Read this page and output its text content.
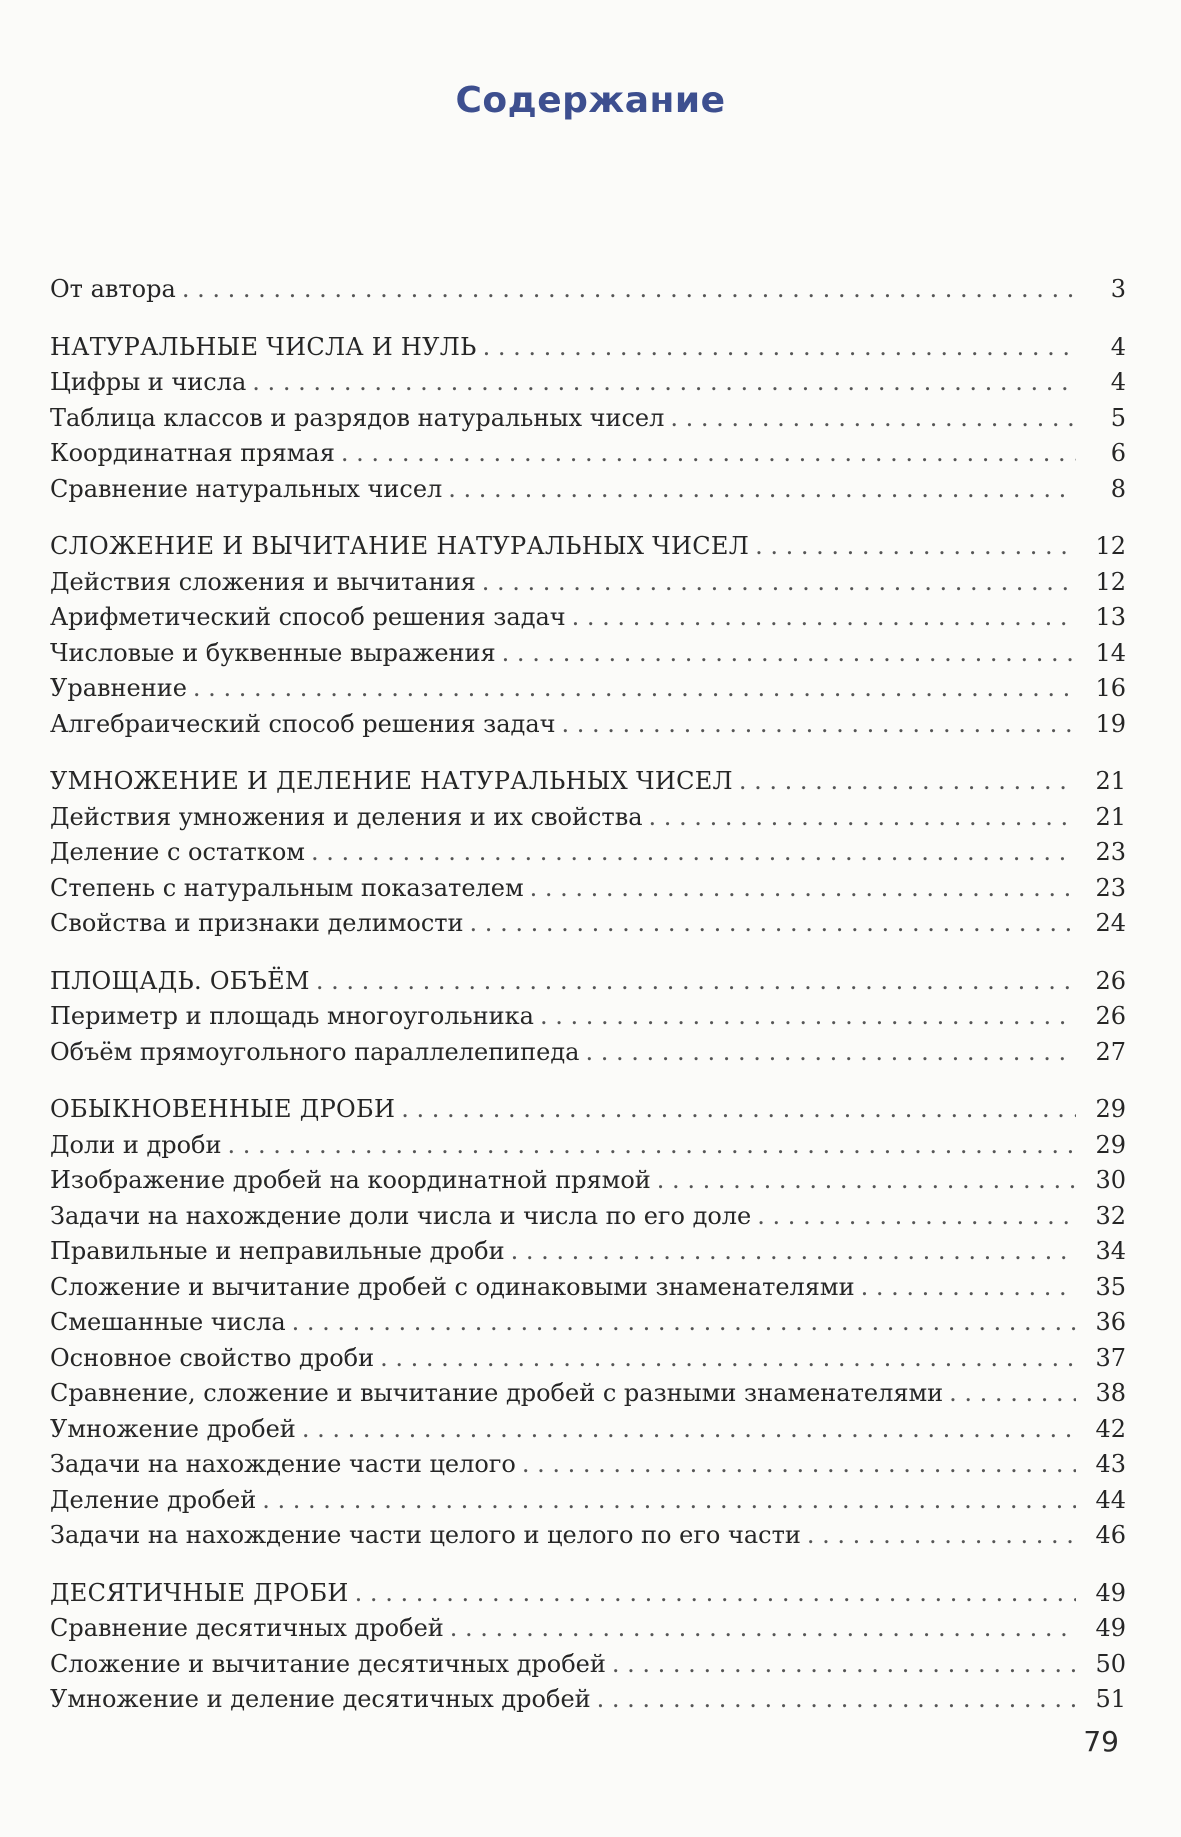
Содержание
От автора . . .	3
НАТУРАЛЬНЫЕ ЧИСЛА И НУЛЬ . . .	4
Цифры и числа . . .	4
Таблица классов и разрядов натуральных чисел . . .	5
Координатная прямая . . .	6
Сравнение натуральных чисел . . .	8
СЛОЖЕНИЕ И ВЫЧИТАНИЕ НАТУРАЛЬНЫХ ЧИСЕЛ . . .	12
Действия сложения и вычитания . . .	12
Арифметический способ решения задач . . .	13
Числовые и буквенные выражения . . .	14
Уравнение . . .	16
Алгебраический способ решения задач . . .	19
УМНОЖЕНИЕ И ДЕЛЕНИЕ НАТУРАЛЬНЫХ ЧИСЕЛ . . .	21
Действия умножения и деления и их свойства . . .	21
Деление с остатком . . .	23
Степень с натуральным показателем . . .	23
Свойства и признаки делимости . . .	24
ПЛОЩАДЬ. ОБЪЁМ . . .	26
Периметр и площадь многоугольника . . .	26
Объём прямоугольного параллелепипеда . . .	27
ОБЫКНОВЕННЫЕ ДРОБИ . . .	29
Доли и дроби . . .	29
Изображение дробей на координатной прямой . . .	30
Задачи на нахождение доли числа и числа по его доле . . .	32
Правильные и неправильные дроби . . .	34
Сложение и вычитание дробей с одинаковыми знаменателями . . .	35
Смешанные числа . . .	36
Основное свойство дроби . . .	37
Сравнение, сложение и вычитание дробей с разными знаменателями . . .	38
Умножение дробей . . .	42
Задачи на нахождение части целого . . .	43
Деление дробей . . .	44
Задачи на нахождение части целого и целого по его части . . .	46
ДЕСЯТИЧНЫЕ ДРОБИ . . .	49
Сравнение десятичных дробей . . .	49
Сложение и вычитание десятичных дробей . . .	50
Умножение и деление десятичных дробей . . .	51
79
